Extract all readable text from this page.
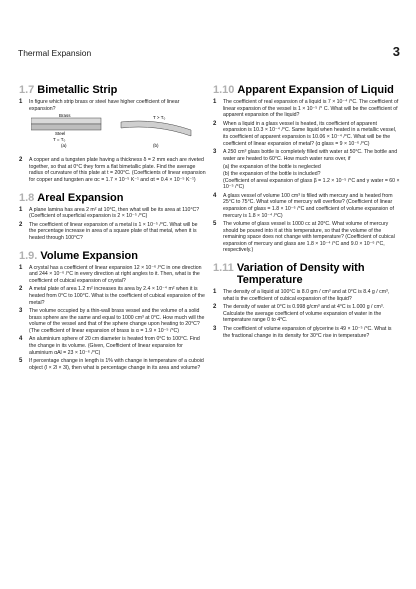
Thermal Expansion	3
1.7 Bimetallic Strip
1	In figure which strip brass or steel have higher coefficient of linear expansion?
Brass
Steel
T = T₀
(a)
T > T₀
(b)
2	A copper and a tungsten plate having a thickness δ = 2 mm each are riveted together, so that at 0°C they form a flat bimetallic plate. Find the average radius of curvature of this plate at t = 200°C. (Coefficients of linear expansion for copper and tungsten are αc = 1.7 × 10⁻⁵ K⁻¹ and αt = 0.4 × 10⁻⁵ K⁻¹)
1.8 Areal Expansion
1	A plane lamina has area 2 m² at 10°C, then what will be its area at 110°C? (Coefficient of superficial expansion is 2 × 10⁻⁵ /°C)
2	The coefficient of linear expansion of a metal is 1 × 10⁻⁵ /°C. What will be the percentage increase in area of a square plate of that metal, when it is heated through 100°C?
1.9. Volume Expansion
1	A crystal has a coefficient of linear expansion 12 × 10⁻⁶ /°C in one direction and 244 × 10⁻⁶ /°C in every direction at right angles to it. Then, what is the coefficient of cubical expansion of crystal?
2	A metal plate of area 1.2 m² increases its area by 2.4 × 10⁻⁴ m² when it is heated from 0°C to 100°C. What is the coefficient of cubical expansion of the metal?
3	The volume occupied by a thin-wall brass vessel and the volume of a solid brass sphere are the same and equal to 1000 cm³ at 0°C. How much will the volume of the vessel and that of the sphere change upon heating to 20°C? (The coefficient of linear expansion of brass is α = 1.9 × 10⁻⁵ /°C)
4	An aluminium sphere of 20 cm diameter is heated from 0°C to 100°C. Find the change in its volume. (Given, Coefficient of linear expansion for aluminium αAl = 23 × 10⁻⁶ /°C)
5	If percentage change in length is 1% with change in temperature of a cuboid object (l × 2l × 3l), then what is percentage change in its area and volume?
1.10 Apparent Expansion of Liquid
1	The coefficient of real expansion of a liquid is 7 × 10⁻⁴ /°C. The coefficient of linear expansion of the vessel is 1 × 10⁻⁵ /° C. What will be the coefficient of apparent expansion of the liquid?
2	When a liquid in a glass vessel is heated, its coefficient of apparent expansion is 10.3 × 10⁻⁴ /°C. Same liquid when heated in a metallic vessel, its coefficient of apparent expansion is 10.06 × 10⁻⁴ /°C. What will be the coefficient of linear expansion of metal? (α glass = 9 × 10⁻⁶ /°C)
3	A 250 cm³ glass bottle is completely filled with water at 50°C. The bottle and water are heated to 60°C. How much water runs over, if
(a) the expansion of the bottle is neglected
(b) the expansion of the bottle is included?
(Coefficient of areal expansion of glass β = 1.2 × 10⁻⁵ /°C and γ water = 60 × 10⁻⁵ /°C)
4	A glass vessel of volume 100 cm³ is filled with mercury and is heated from 25°C to 75°C. What volume of mercury will overflow? (Coefficient of linear expansion of glass = 1.8 × 10⁻⁶ /°C and coefficient of volume expansion of mercury is 1.8 × 10⁻⁴ /°C)
5	The volume of glass vessel is 1000 cc at 20°C. What volume of mercury should be poured into it at this temperature, so that the volume of the remaining space does not change with temperature? (Coefficient of cubical expansion of mercury and glass are 1.8 × 10⁻⁴ /°C and 9.0 × 10⁻⁶ /°C, respectively.)
1.11 Variation of Density with Temperature
1	The density of a liquid at 100°C is 8.0 gm / cm³ and at 0°C is 8.4 g / cm³, what is the coefficient of cubical expansion of the liquid?
2	The density of water at 0°C is 0.998 g/cm³ and at 4°C is 1.000 g / cm³. Calculate the average coefficient of volume expansion of water in the temperature range 0 to 4°C.
3	The coefficient of volume expansion of glycerine is 49 × 10⁻⁵ /°C. What is the fractional change in its density for 30°C rise in temperature?
